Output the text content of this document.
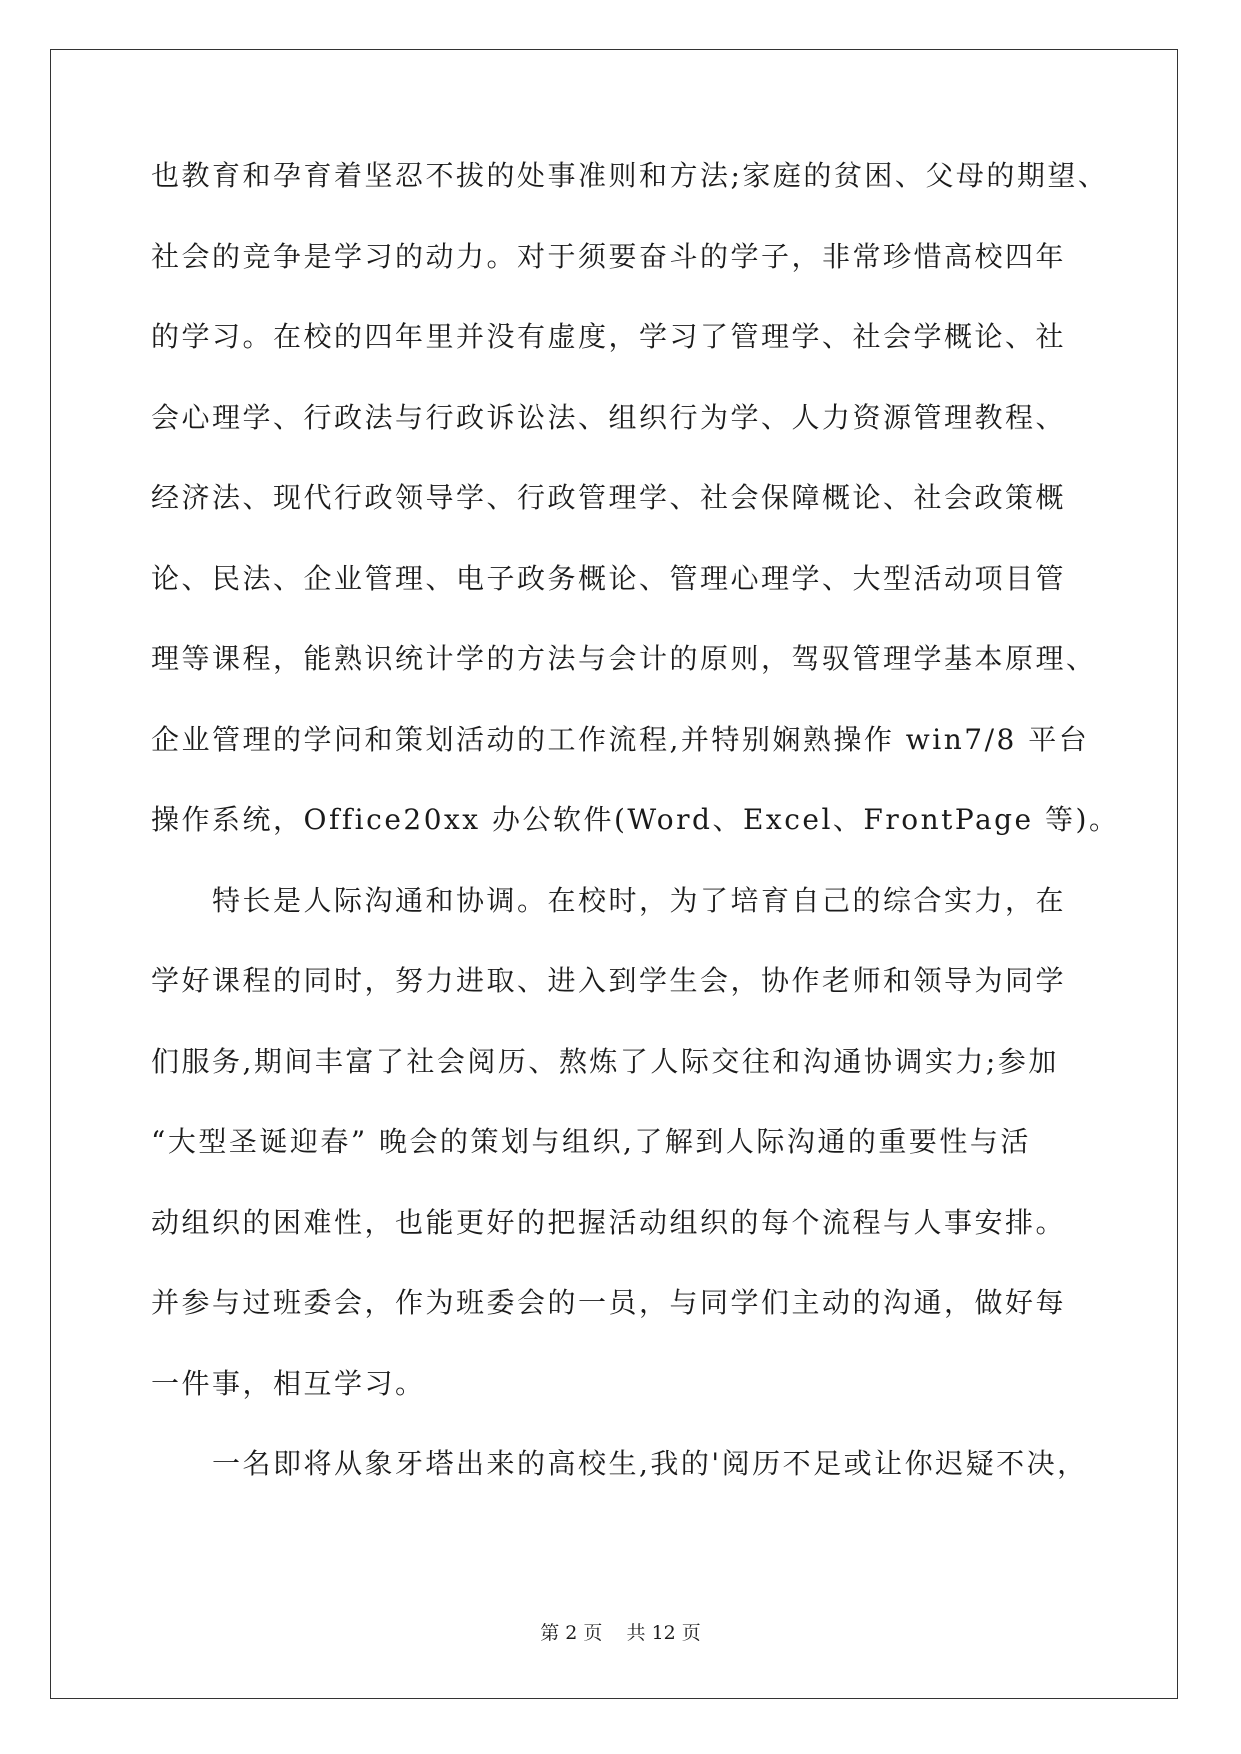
也教育和孕育着坚忍不拔的处事准则和方法;家庭的贫困、父母的期望、
社会的竞争是学习的动力。对于须要奋斗的学子，非常珍惜高校四年
的学习。在校的四年里并没有虚度，学习了管理学、社会学概论、社
会心理学、行政法与行政诉讼法、组织行为学、人力资源管理教程、
经济法、现代行政领导学、行政管理学、社会保障概论、社会政策概
论、民法、企业管理、电子政务概论、管理心理学、大型活动项目管
理等课程，能熟识统计学的方法与会计的原则，驾驭管理学基本原理、
企业管理的学问和策划活动的工作流程,并特别娴熟操作 win7/8 平台
操作系统，Office20xx 办公软件(Word、Excel、FrontPage 等)。
特长是人际沟通和协调。在校时，为了培育自己的综合实力，在
学好课程的同时，努力进取、进入到学生会，协作老师和领导为同学
们服务,期间丰富了社会阅历、熬炼了人际交往和沟通协调实力;参加
“大型圣诞迎春” 晚会的策划与组织,了解到人际沟通的重要性与活
动组织的困难性，也能更好的把握活动组织的每个流程与人事安排。
并参与过班委会，作为班委会的一员，与同学们主动的沟通，做好每
一件事，相互学习。
一名即将从象牙塔出来的高校生,我的'阅历不足或让你迟疑不决，
第 2 页    共 12 页
